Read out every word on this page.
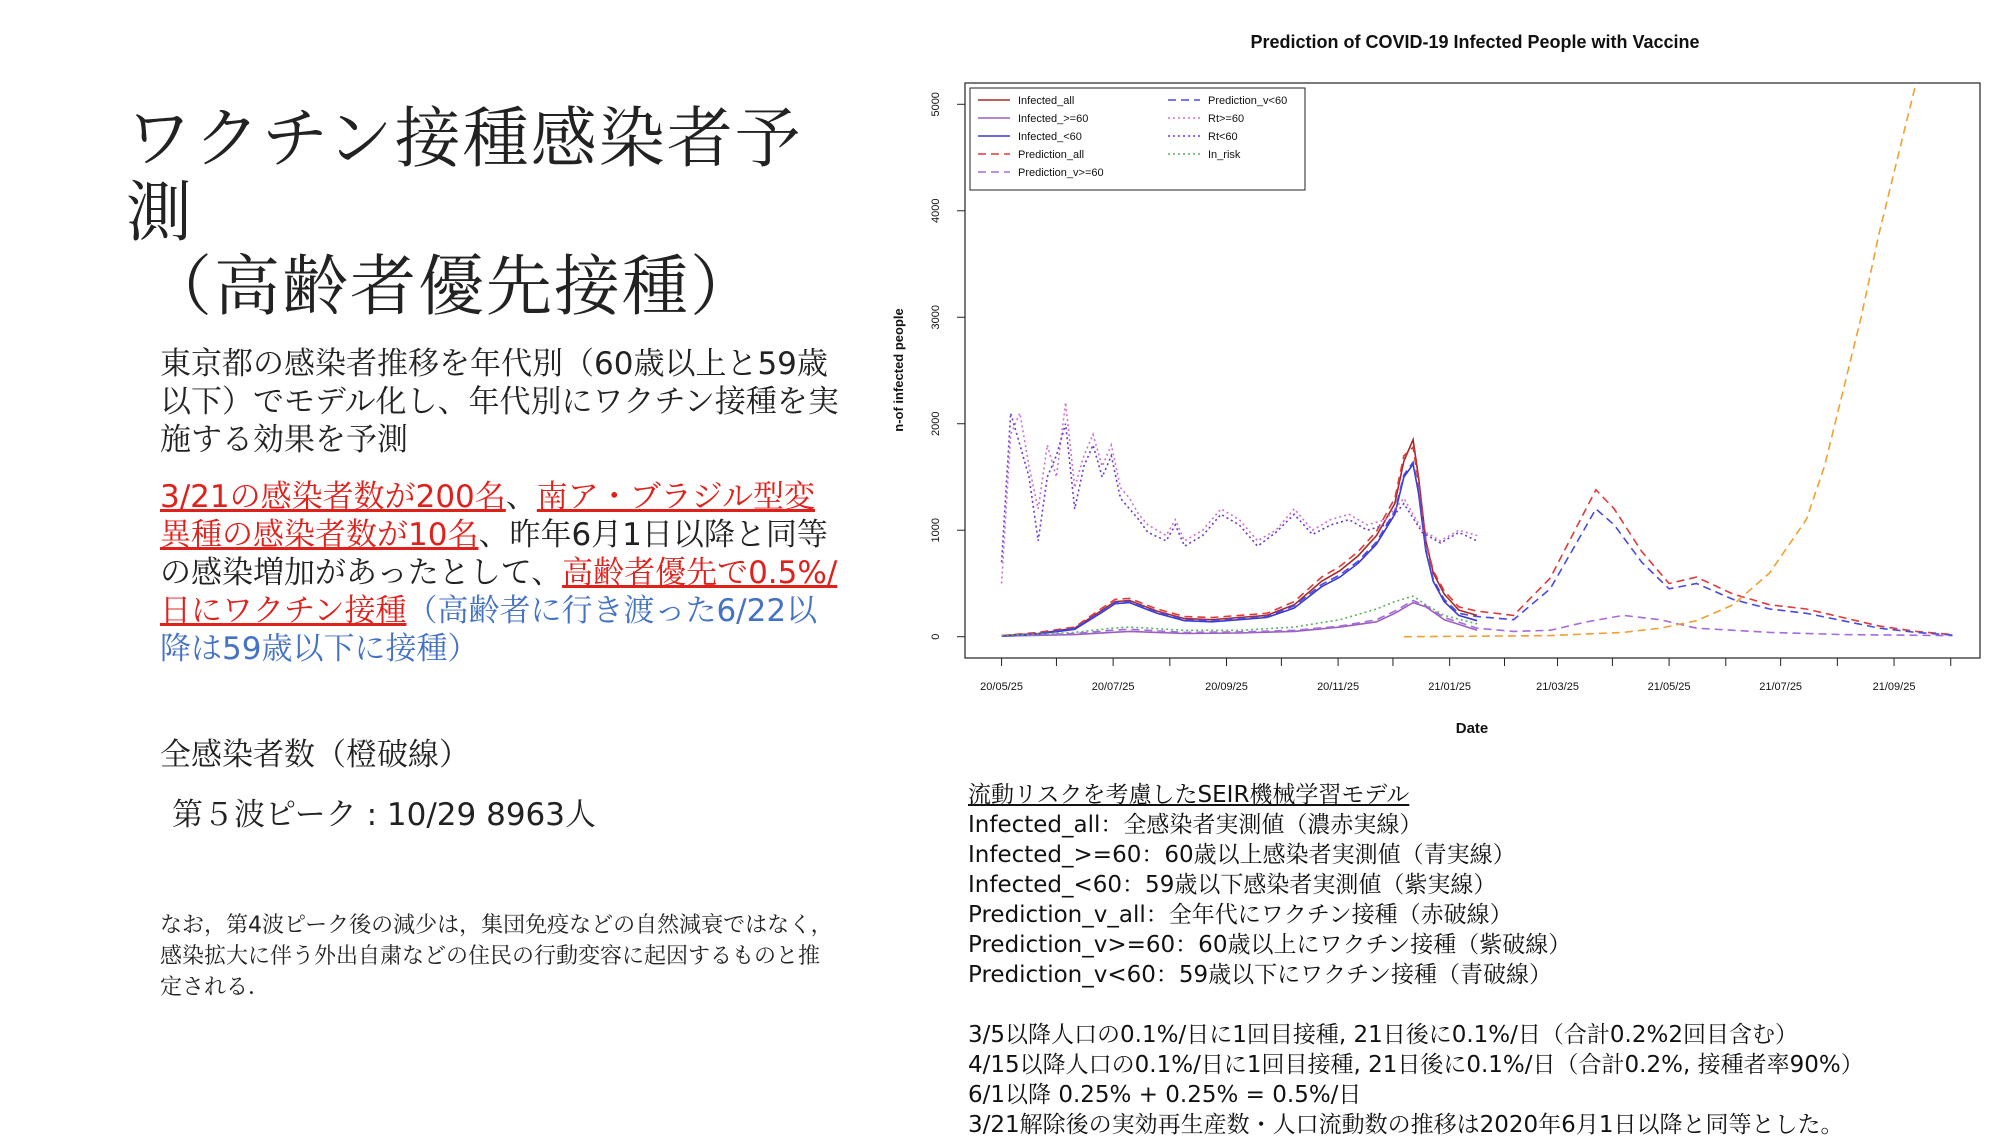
ワクチン接種感染者予測
（高齢者優先接種）
東京都の感染者推移を年代別（60歳以上と59歳以下）でモデル化し、年代別にワクチン接種を実施する効果を予測
3/21の感染者数が200名、南ア・ブラジル型変異種の感染者数が10名、昨年6月1日以降と同等の感染増加があったとして、高齢者優先で0.5%/日にワクチン接種（高齢者に行き渡った6/22以降は59歳以下に接種）
全感染者数（橙破線）
第５波ピーク : 10/29 8963人
なお，第4波ピーク後の減少は，集団免疫などの自然減衰ではなく，感染拡大に伴う外出自粛などの住民の行動変容に起因するものと推定される．
流動リスクを考慮したSEIR機械学習モデル
Infected_all：全感染者実測値（濃赤実線）
Infected_>=60：60歳以上感染者実測値（青実線）
Infected_<60：59歳以下感染者実測値（紫実線）
Prediction_v_all：全年代にワクチン接種（赤破線）
Prediction_v>=60：60歳以上にワクチン接種（紫破線）
Prediction_v<60：59歳以下にワクチン接種（青破線）
3/5以降人口の0.1%/日に1回目接種, 21日後に0.1%/日（合計0.2%2回目含む）
4/15以降人口の0.1%/日に1回目接種, 21日後に0.1%/日（合計0.2%, 接種者率90%）
6/1以降 0.25% + 0.25% = 0.5%/日
3/21解除後の実効再生産数・人口流動数の推移は2020年6月1日以降と同等とした。
Prediction of COVID-19 Infected People with Vaccine
0
1000
2000
3000
4000
5000
20/05/25	20/07/25	20/09/25	20/11/25	21/01/25	21/03/25	21/05/25	21/07/25	21/09/25
Infected_all
Infected_>=60
Infected_<60
Prediction_all
Prediction_v>=60
Prediction_v<60
Rt>=60
Rt<60
In_risk
Date
n-of infected people
